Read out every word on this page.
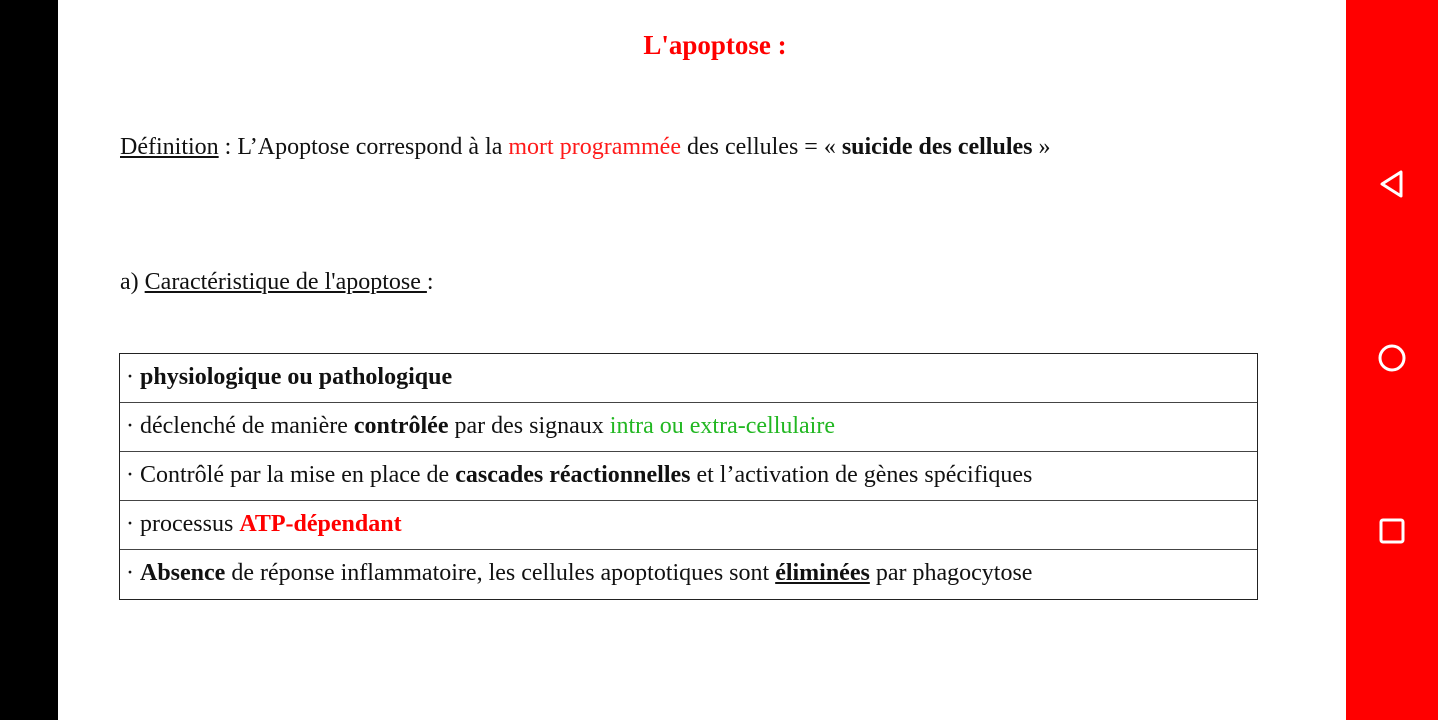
L'apoptose :
Définition : L’Apoptose correspond à la mort programmée des cellules = « suicide des cellules »
a) Caractéristique de l'apoptose :
· physiologique ou pathologique
· déclenché de manière contrôlée par des signaux intra ou extra-cellulaire
· Contrôlé par la mise en place de cascades réactionnelles et l’activation de gènes spécifiques
· processus ATP-dépendant
· Absence de réponse inflammatoire, les cellules apoptotiques sont éliminées par phagocytose
